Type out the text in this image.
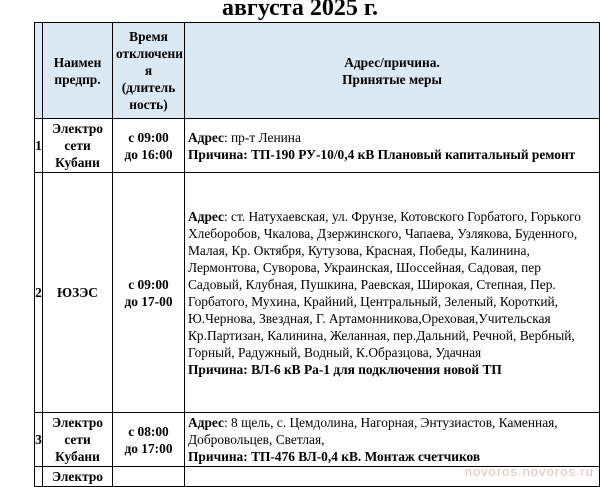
августа 2025 г.
	Наимен
предпр.	Время
отключени
я
(длитель
ность)	Адрес/причина.
Принятые меры
1	Электро
сети
Кубани	с 09:00
до 16:00	Адрес: пр-т Ленина
Причина: ТП-190 РУ-10/0,4 кВ Плановый капитальный ремонт
2	ЮЗЭС	с 09:00
до 17-00	Адрес: ст. Натухаевская, ул. Фрунзе, Котовского Горбатого, Горького Хлеборобов, Чкалова, Дзержинского, Чапаева, Узлякова, Буденного, Малая, Кр. Октября, Кутузова, Красная, Победы, Калинина, Лермонтова, Суворова, Украинская, Шоссейная, Садовая, пер Садовый, Клубная, Пушкина, Раевская, Широкая, Степная, Пер. Горбатого, Мухина, Крайний, Центральный, Зеленый, Короткий, Ю.Чернова, Звездная, Г. Артамонникова,Ореховая,Учительская Кр.Партизан, Калинина, Желанная, пер.Дальний, Речной, Вербный, Горный, Радужный, Водный, К.Образцова, Удачная
Причина: ВЛ-6 кВ Ра-1 для подключения новой ТП
3	Электро
сети
Кубани	с 08:00
до 17:00	Адрес: 8 щель, с. Цемдолина, Нагорная, Энтузиастов, Каменная, Добровольцев, Светлая,
Причина: ТП-476 ВЛ-0,4 кВ. Монтаж счетчиков
	Электро			novoros.novoros.ru
